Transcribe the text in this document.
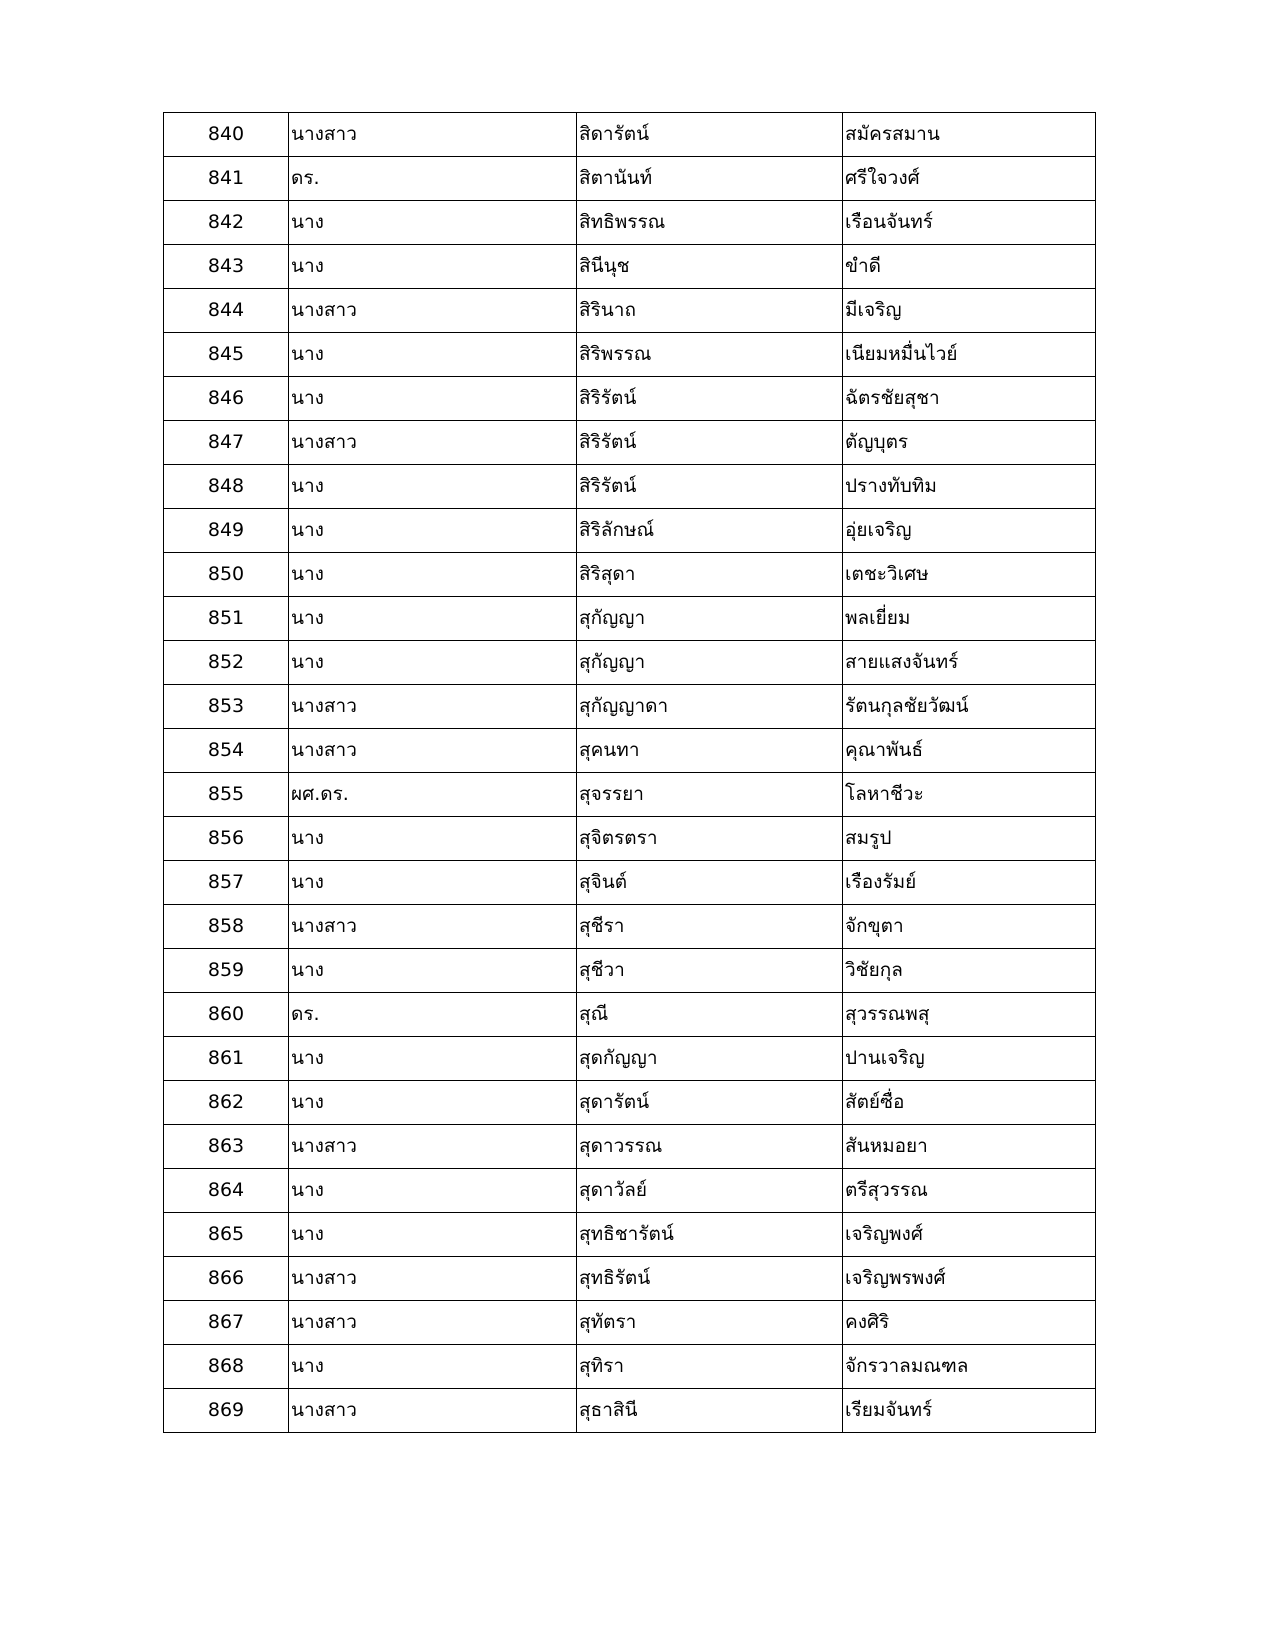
840	นางสาว	สิดารัตน์	สมัครสมาน
841	ดร.	สิตานันท์	ศรีใจวงศ์
842	นาง	สิทธิพรรณ	เรือนจันทร์
843	นาง	สินีนุช	ขำดี
844	นางสาว	สิรินาถ	มีเจริญ
845	นาง	สิริพรรณ	เนียมหมื่นไวย์
846	นาง	สิริรัตน์	ฉัตรชัยสุชา
847	นางสาว	สิริรัตน์	ตัญบุตร
848	นาง	สิริรัตน์	ปรางทับทิม
849	นาง	สิริลักษณ์	อุ่ยเจริญ
850	นาง	สิริสุดา	เตชะวิเศษ
851	นาง	สุกัญญา	พลเยี่ยม
852	นาง	สุกัญญา	สายแสงจันทร์
853	นางสาว	สุกัญญาดา	รัตนกุลชัยวัฒน์
854	นางสาว	สุคนทา	คุณาพันธ์
855	ผศ.ดร.	สุจรรยา	โลหาชีวะ
856	นาง	สุจิตรตรา	สมรูป
857	นาง	สุจินต์	เรืองรัมย์
858	นางสาว	สุชีรา	จักขุตา
859	นาง	สุชีวา	วิชัยกุล
860	ดร.	สุณี	สุวรรณพสุ
861	นาง	สุดกัญญา	ปานเจริญ
862	นาง	สุดารัตน์	สัตย์ซื่อ
863	นางสาว	สุดาวรรณ	สันหมอยา
864	นาง	สุดาวัลย์	ตรีสุวรรณ
865	นาง	สุทธิชารัตน์	เจริญพงศ์
866	นางสาว	สุทธิรัตน์	เจริญพรพงศ์
867	นางสาว	สุทัตรา	คงศิริ
868	นาง	สุทิรา	จักรวาลมณฑล
869	นางสาว	สุธาสินี	เรียมจันทร์
